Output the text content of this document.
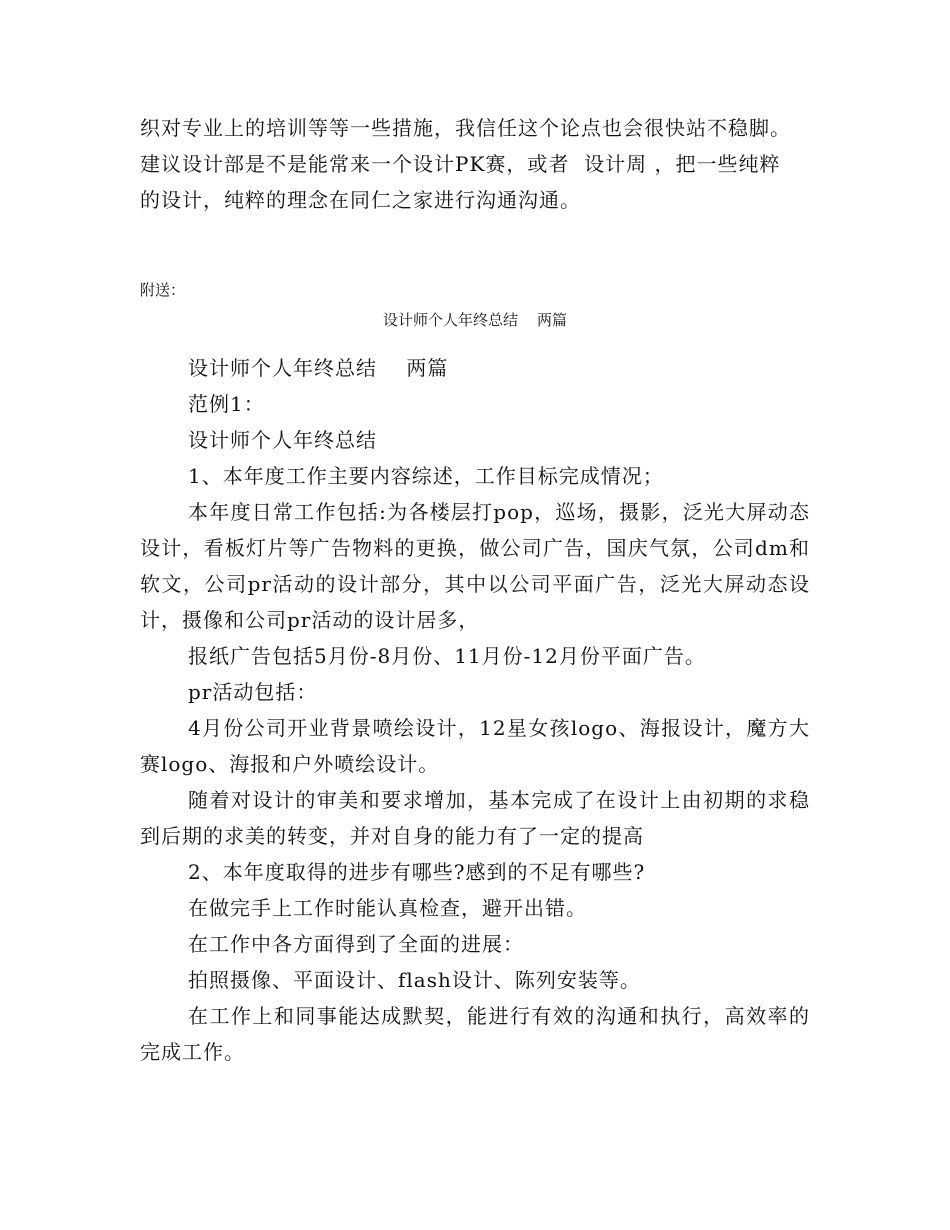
织对专业上的培训等等一些措施，我信任这个论点也会很快站不稳脚。

建议设计部是不是能常来一个设计PK赛，或者  设计周 ，把一些纯粹

的设计，纯粹的理念在同仁之家进行沟通沟通。

附送：

设计师个人年终总结    两篇

设计师个人年终总结    两篇

范例1：

设计师个人年终总结

1、本年度工作主要内容综述，工作目标完成情况；

本年度日常工作包括:为各楼层打pop，巡场，摄影，泛光大屏动态设计，看板灯片等广告物料的更换，做公司广告，国庆气氛，公司dm和软文，公司pr活动的设计部分，其中以公司平面广告，泛光大屏动态设计，摄像和公司pr活动的设计居多，

报纸广告包括5月份-8月份、11月份-12月份平面广告。

pr活动包括：

4月份公司开业背景喷绘设计，12星女孩logo、海报设计，魔方大赛logo、海报和户外喷绘设计。

随着对设计的审美和要求增加，基本完成了在设计上由初期的求稳到后期的求美的转变，并对自身的能力有了一定的提高

2、本年度取得的进步有哪些?感到的不足有哪些?

在做完手上工作时能认真检查，避开出错。

在工作中各方面得到了全面的进展：

拍照摄像、平面设计、flash设计、陈列安装等。

在工作上和同事能达成默契，能进行有效的沟通和执行，高效率的完成工作。
